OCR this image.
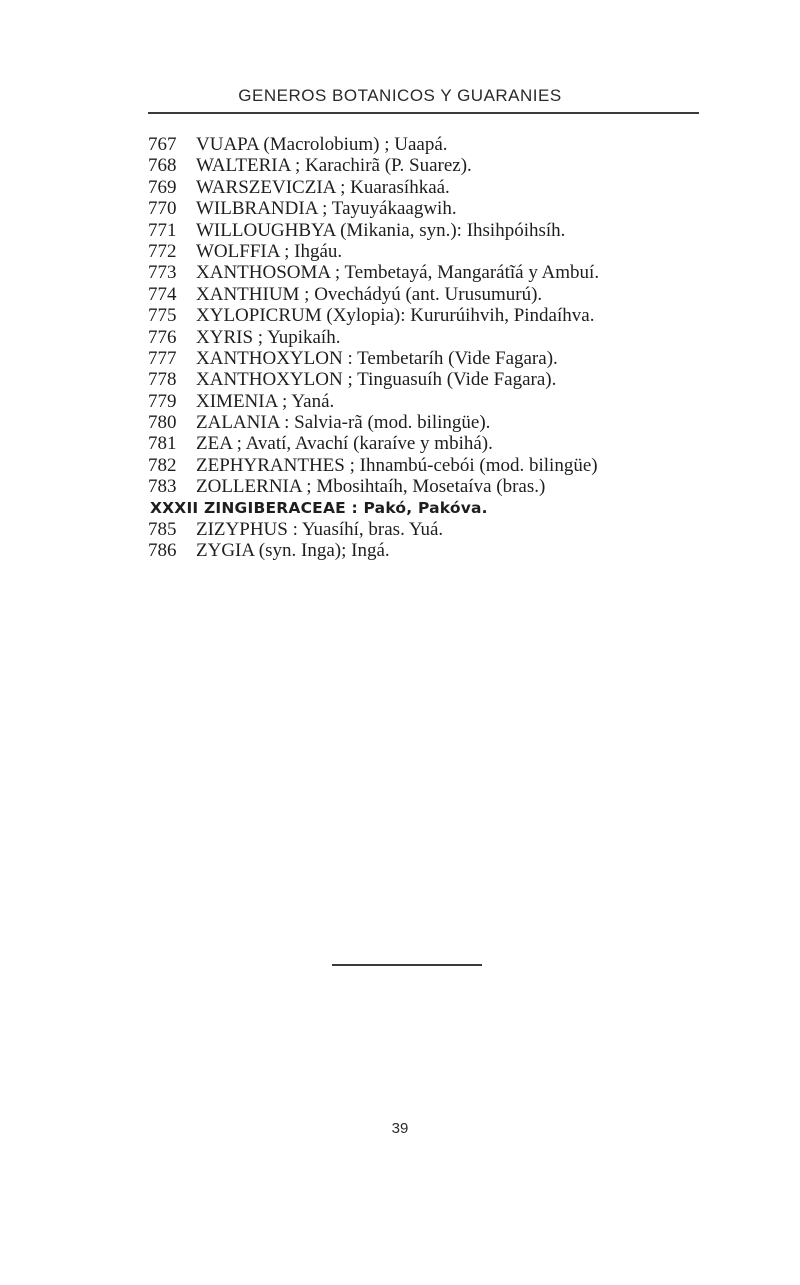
GENEROS BOTANICOS Y GUARANIES
767	VUAPA (Macrolobium) ; Uaapá.
768	WALTERIA ; Karachirã (P. Suarez).
769	WARSZEVICZIA ; Kuarasíhkaá.
770	WILBRANDIA ; Tayuyákaagwih.
771	WILLOUGHBYA (Mikania, syn.): Ihsihpóihsíh.
772	WOLFFIA ; Ihgáu.
773	XANTHOSOMA ; Tembetayá, Mangarátĩá y Ambuí.
774	XANTHIUM ; Ovechádyú (ant. Urusumurú).
775	XYLOPICRUM (Xylopia): Kururúihvih, Pindaíhva.
776	XYRIS ; Yupikaíh.
777	XANTHOXYLON : Tembetaríh (Vide Fagara).
778	XANTHOXYLON ; Tinguasuíh (Vide Fagara).
779	XIMENIA ; Yaná.
780	ZALANIA : Salvia-rã (mod. bilingüe).
781	ZEA ; Avatí, Avachí (karaíve y mbihá).
782	ZEPHYRANTHES ; Ihnambú-cebói (mod. bilingüe)
783	ZOLLERNIA ; Mbosihtaíh, Mosetaíva (bras.)
XXXII ZINGIBERACEAE : Pakó, Pakóva.
785	ZIZYPHUS : Yuasíhí, bras. Yuá.
786	ZYGIA (syn. Inga); Ingá.
39
